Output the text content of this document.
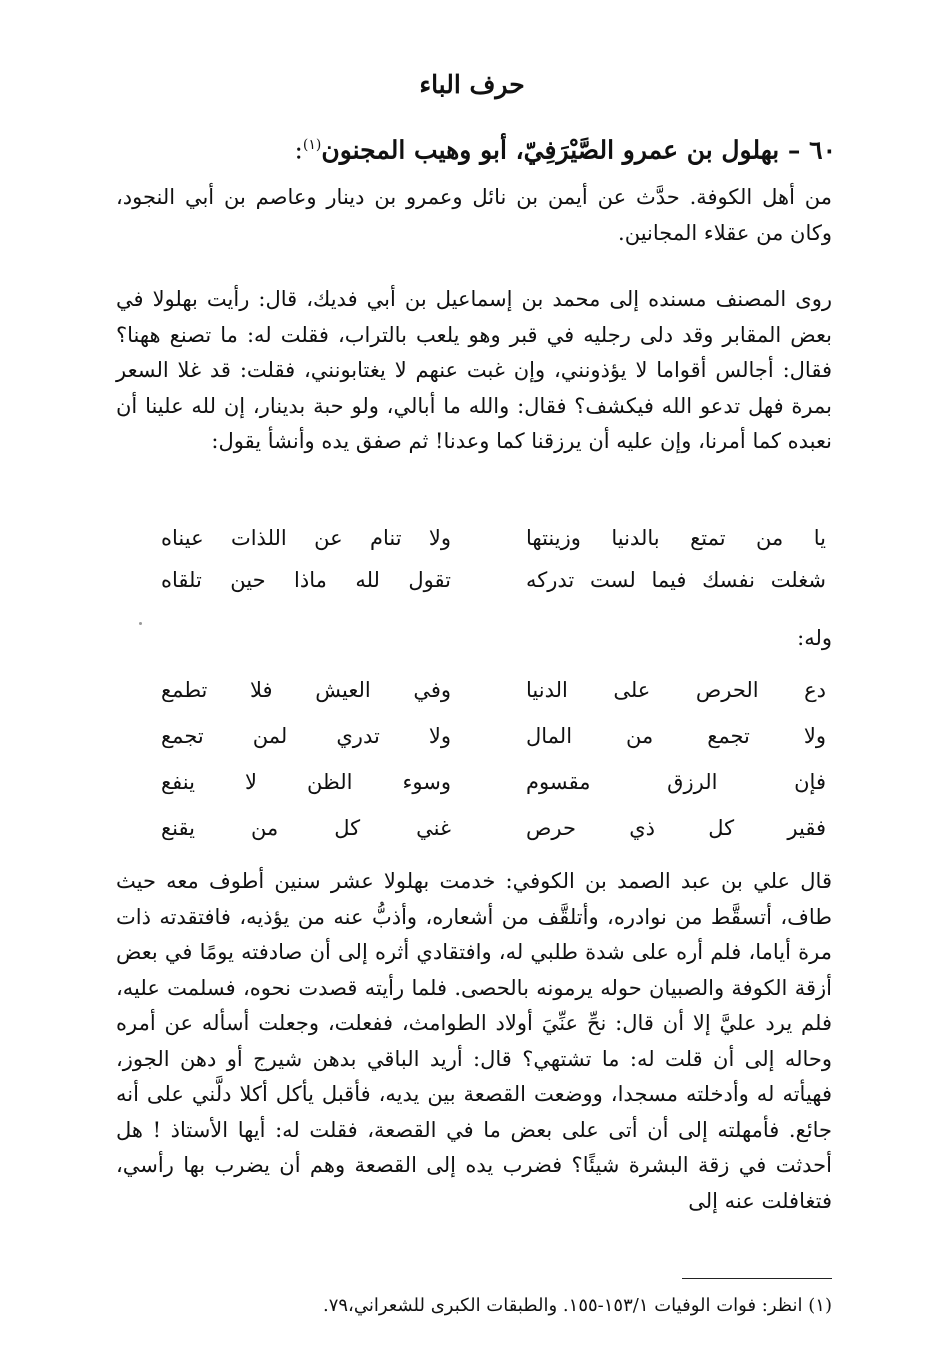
حرف الباء
٦٠ – بهلول بن عمرو الصَّيْرَفِيّ، أبو وهيب المجنون$^{(١)}$:

من أهل الكوفة. حدَّث عن أيمن بن نائل وعمرو بن دينار وعاصم بن أبي النجود، وكان من عقلاء المجانين.

روى المصنف مسنده إلى محمد بن إسماعيل بن أبي فديك، قال: رأيت بهلولا في بعض المقابر وقد دلى رجليه في قبر وهو يلعب بالتراب، فقلت له: ما تصنع ههنا؟ فقال: أجالس أقواما لا يؤذونني، وإن غبت عنهم لا يغتابونني، فقلت: قد غلا السعر بمرة فهل تدعو الله فيكشف؟ فقال: والله ما أبالي، ولو حبة بدينار، إن لله علينا أن نعبده كما أمرنا، وإن عليه أن يرزقنا كما وعدنا! ثم صفق يده وأنشأ يقول:

يا من تمتع بالدنيا وزينتها
ولا تنام عن اللذات عيناه
شغلت نفسك فيما لست تدركه
تقول لله ماذا حين تلقاه
وله:
دع الحرص على الدنيا
وفي العيش فلا تطمع
ولا تجمع من المال
ولا تدري لمن تجمع
فإن الرزق مقسوم
وسوء الظن لا ينفع
فقير كل ذي حرص
غني كل من يقنع

قال علي بن عبد الصمد بن الكوفي: خدمت بهلولا عشر سنين أطوف معه حيث طاف، أتسقَّط من نوادره، وأتلقَّف من أشعاره، وأذبُّ عنه من يؤذيه، فافتقدته ذات مرة أياما، فلم أره على شدة طلبي له، وافتقادي أثره إلى أن صادفته يومًا في بعض أزقة الكوفة والصبيان حوله يرمونه بالحصى. فلما رأيته قصدت نحوه، فسلمت عليه، فلم يرد عليَّ إلا أن قال: نحِّ عنِّيَ أولاد الطوامث، ففعلت، وجعلت أسأله عن أمره وحاله إلى أن قلت له: ما تشتهي؟ قال: أريد الباقي بدهن شيرج أو دهن الجوز، فهيأته له وأدخلته مسجدا، ووضعت القصعة بين يديه، فأقبل يأكل أكلا دلَّني على أنه جائع. فأمهلته إلى أن أتى على بعض ما في القصعة، فقلت له: أيها الأستاذ ! هل أحدثت في زقة البشرة شيئًا؟ فضرب يده إلى القصعة وهم أن يضرب بها رأسي، فتغافلت عنه إلى

(١) انظر: فوات الوفيات ١٥٣/١-١٥٥. والطبقات الكبرى للشعراني،٧٩.
